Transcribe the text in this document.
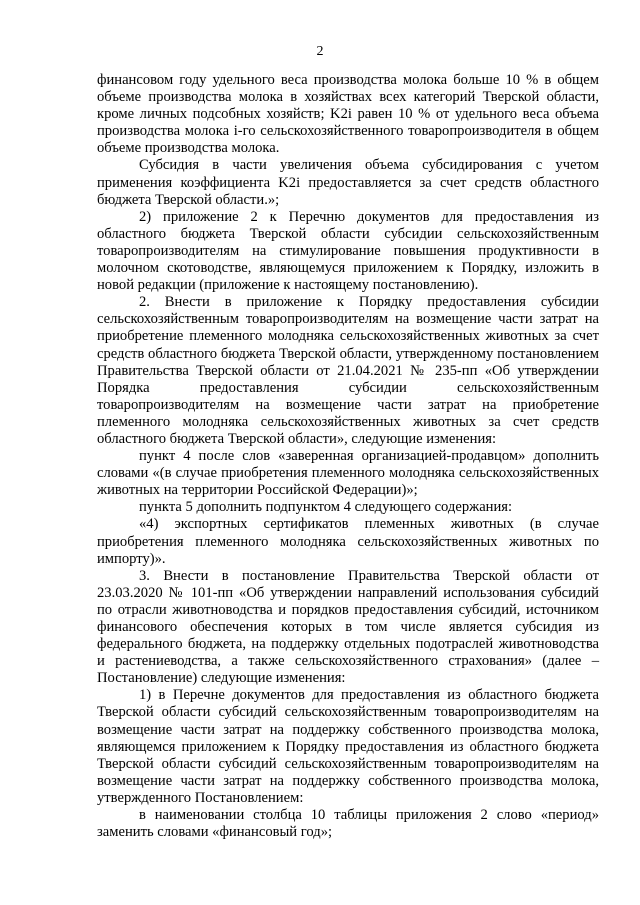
2

финансовом году удельного веса производства молока больше 10 % в общем объеме производства молока в хозяйствах всех категорий Тверской области, кроме личных подсобных хозяйств; K2i равен 10 % от удельного веса объема производства молока i-го сельскохозяйственного товаропроизводителя в общем объеме производства молока.

Субсидия в части увеличения объема субсидирования с учетом применения коэффициента K2i предоставляется за счет средств областного бюджета Тверской области.»;

2) приложение 2 к Перечню документов для предоставления из областного бюджета Тверской области субсидии сельскохозяйственным товаропроизводителям на стимулирование повышения продуктивности в молочном скотоводстве, являющемуся приложением к Порядку, изложить в новой редакции (приложение к настоящему постановлению).

2. Внести в приложение к Порядку предоставления субсидии сельскохозяйственным товаропроизводителям на возмещение части затрат на приобретение племенного молодняка сельскохозяйственных животных за счет средств областного бюджета Тверской области, утвержденному постановлением Правительства Тверской области от 21.04.2021 № 235-пп «Об утверждении Порядка предоставления субсидии сельскохозяйственным товаропроизводителям на возмещение части затрат на приобретение племенного молодняка сельскохозяйственных животных за счет средств областного бюджета Тверской области», следующие изменения:

пункт 4 после слов «заверенная организацией-продавцом» дополнить словами «(в случае приобретения племенного молодняка сельскохозяйственных животных на территории Российской Федерации)»;

пункта 5 дополнить подпунктом 4 следующего содержания:

«4) экспортных сертификатов племенных животных (в случае приобретения племенного молодняка сельскохозяйственных животных по импорту)».

3. Внести в постановление Правительства Тверской области от 23.03.2020 № 101-пп «Об утверждении направлений использования субсидий по отрасли животноводства и порядков предоставления субсидий, источником финансового обеспечения которых в том числе является субсидия из федерального бюджета, на поддержку отдельных подотраслей животноводства и растениеводства, а также сельскохозяйственного страхования» (далее – Постановление) следующие изменения:

1) в Перечне документов для предоставления из областного бюджета Тверской области субсидий сельскохозяйственным товаропроизводителям на возмещение части затрат на поддержку собственного производства молока, являющемся приложением к Порядку предоставления из областного бюджета Тверской области субсидий сельскохозяйственным товаропроизводителям на возмещение части затрат на поддержку собственного производства молока, утвержденного Постановлением:

в наименовании столбца 10 таблицы приложения 2 слово «период» заменить словами «финансовый год»;
